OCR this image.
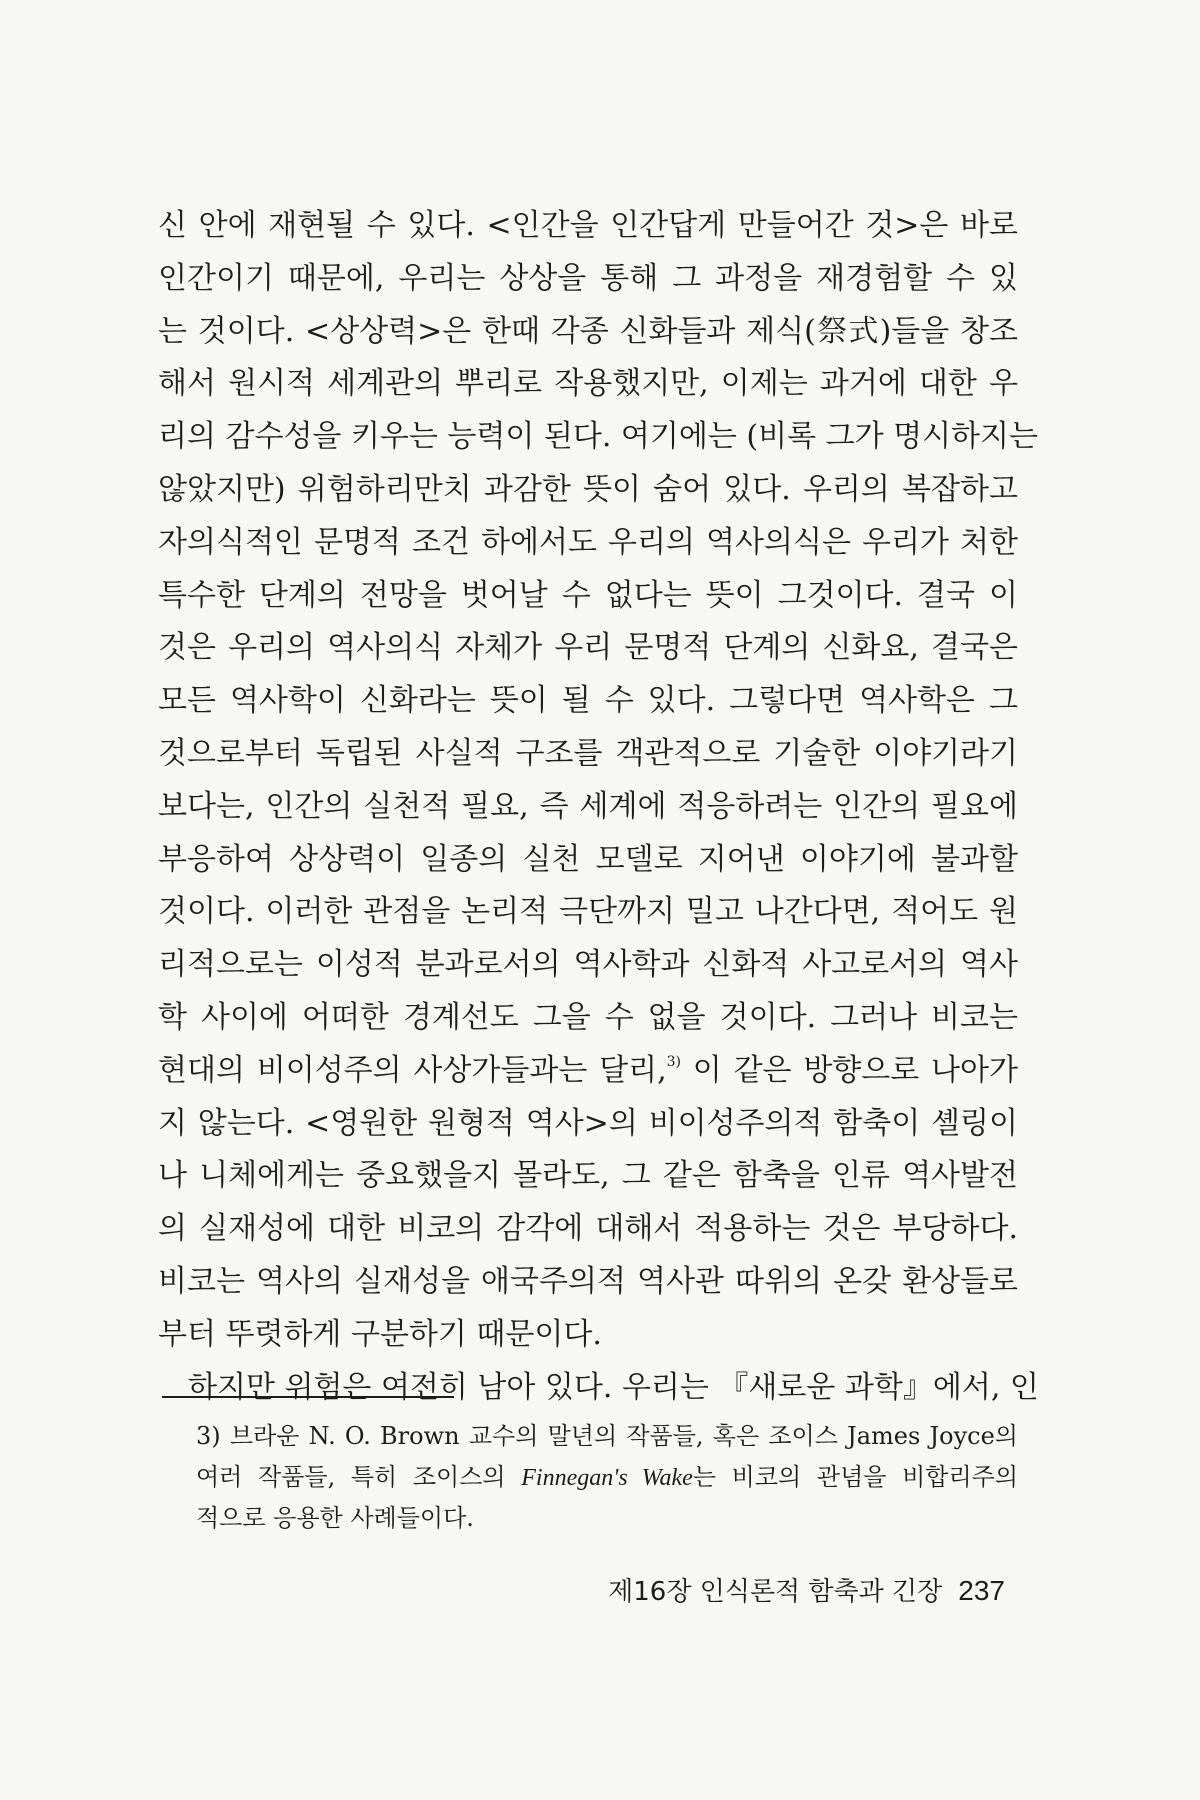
신 안에 재현될 수 있다. <인간을 인간답게 만들어간 것>은 바로
인간이기 때문에, 우리는 상상을 통해 그 과정을 재경험할 수 있
는 것이다. <상상력>은 한때 각종 신화들과 제식(祭式)들을 창조
해서 원시적 세계관의 뿌리로 작용했지만, 이제는 과거에 대한 우
리의 감수성을 키우는 능력이 된다. 여기에는 (비록 그가 명시하지는
않았지만) 위험하리만치 과감한 뜻이 숨어 있다. 우리의 복잡하고
자의식적인 문명적 조건 하에서도 우리의 역사의식은 우리가 처한
특수한 단계의 전망을 벗어날 수 없다는 뜻이 그것이다. 결국 이
것은 우리의 역사의식 자체가 우리 문명적 단계의 신화요, 결국은
모든 역사학이 신화라는 뜻이 될 수 있다. 그렇다면 역사학은 그
것으로부터 독립된 사실적 구조를 객관적으로 기술한 이야기라기
보다는, 인간의 실천적 필요, 즉 세계에 적응하려는 인간의 필요에
부응하여 상상력이 일종의 실천 모델로 지어낸 이야기에 불과할
것이다. 이러한 관점을 논리적 극단까지 밀고 나간다면, 적어도 원
리적으로는 이성적 분과로서의 역사학과 신화적 사고로서의 역사
학 사이에 어떠한 경계선도 그을 수 없을 것이다. 그러나 비코는
현대의 비이성주의 사상가들과는 달리,$^{3)}$ 이 같은 방향으로 나아가
지 않는다. <영원한 원형적 역사>의 비이성주의적 함축이 셸링이
나 니체에게는 중요했을지 몰라도, 그 같은 함축을 인류 역사발전
의 실재성에 대한 비코의 감각에 대해서 적용하는 것은 부당하다.
비코는 역사의 실재성을 애국주의적 역사관 따위의 온갖 환상들로
부터 뚜렷하게 구분하기 때문이다.
하지만 위험은 여전히 남아 있다. 우리는 『새로운 과학』에서, 인
3) 브라운 N. O. Brown 교수의 말년의 작품들, 혹은 조이스 James Joyce의
여러 작품들, 특히 조이스의 Finnegan's Wake는 비코의 관념을 비합리주의
적으로 응용한 사례들이다.
제16장 인식론적 함축과 긴장 237
